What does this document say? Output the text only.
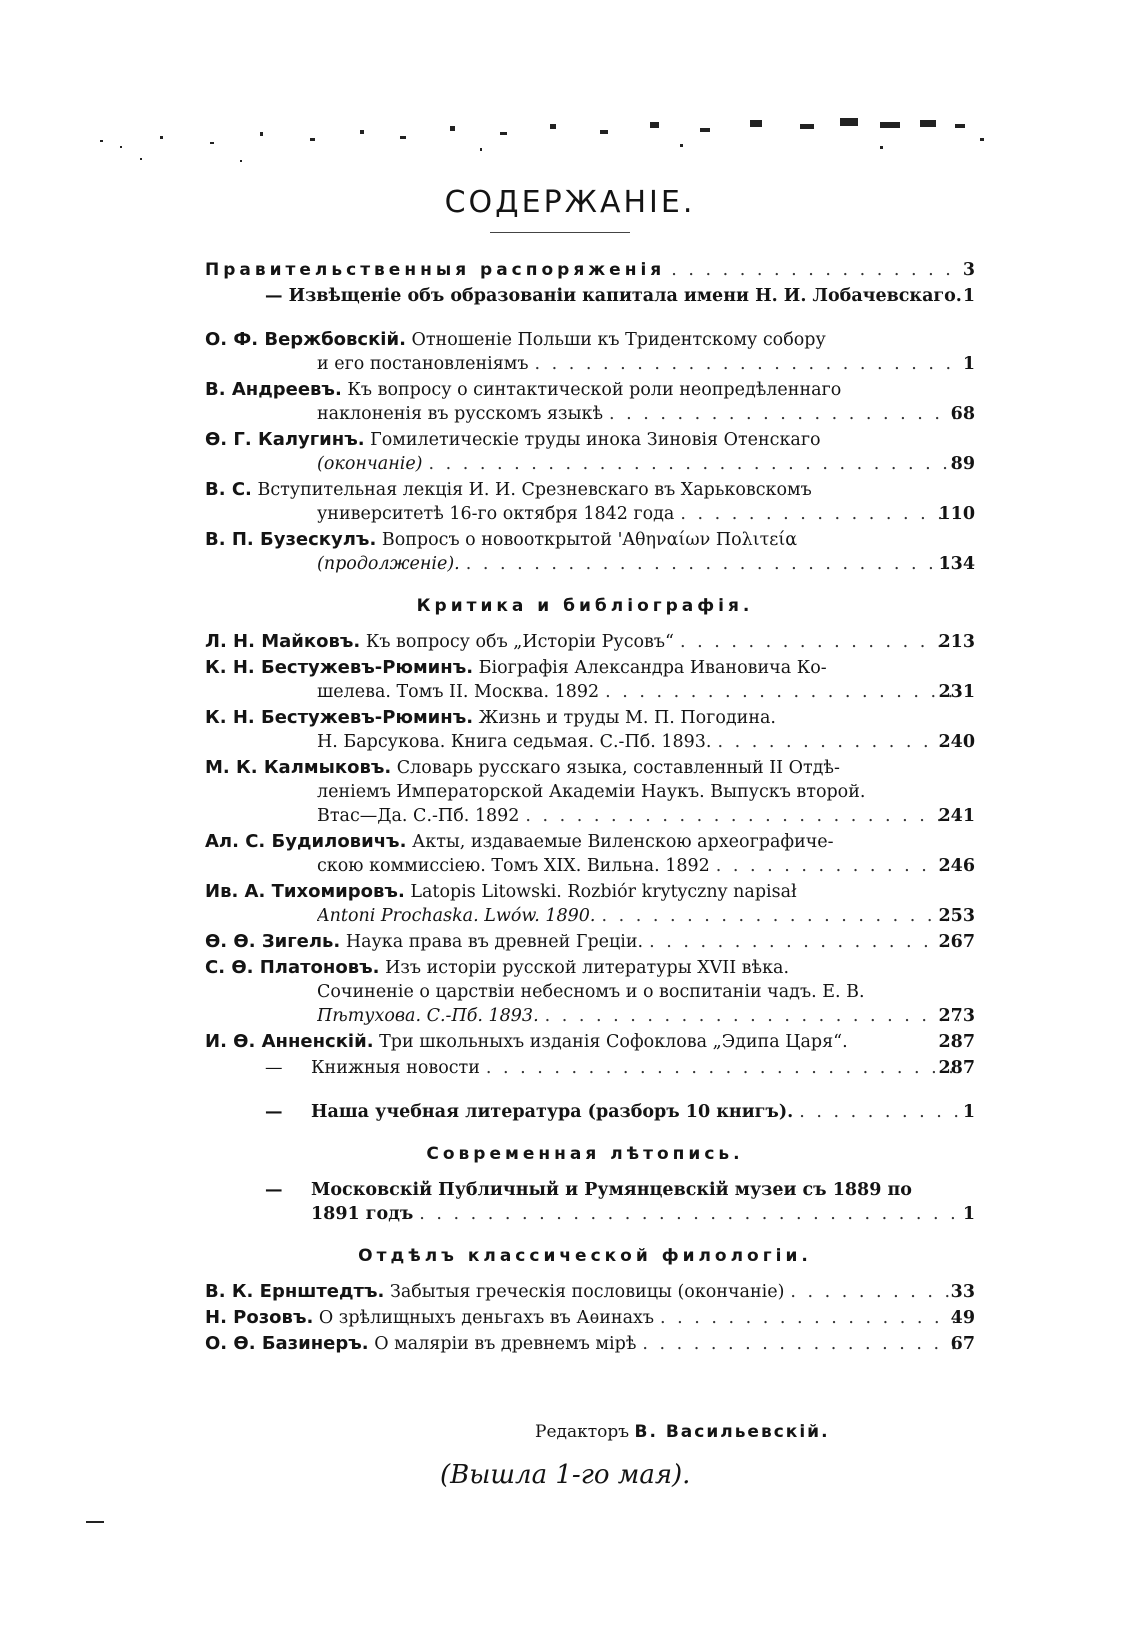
СОДЕРЖАНІЕ.
Правительственныя распоряженія . . .	3
— Извѣщеніе объ образованіи капитала имени Н. И. Лобачевскаго. 1
О. Ф. Вержбовскій. Отношеніе Польши къ Тридентскому собору
и его постановленіямъ . . .	1
В. Андреевъ. Къ вопросу о синтактической роли неопредѣленнаго
наклоненія въ русскомъ языкѣ . . .	68
Ѳ. Г. Калугинъ. Гомилетическіе труды инока Зиновія Отенскаго
(окончаніе) . . .	89
В. С. Вступительная лекція И. И. Срезневскаго въ Харьковскомъ
университетѣ 16-го октября 1842 года . . .	110
В. П. Бузескулъ. Вопросъ о новооткрытой 'Αθηναίων Πολιτεία
(продолженіе). . . .	134
Критика и библіографія.
Л. Н. Майковъ. Къ вопросу объ „Исторіи Русовъ“ . . .	213
К. Н. Бестужевъ-Рюминъ. Біографія Александра Ивановича Ко-
шелева. Томъ II. Москва. 1892 . . .	231
К. Н. Бестужевъ-Рюминъ. Жизнь и труды М. П. Погодина.
Н. Барсукова. Книга седьмая. С.-Пб. 1893. . . .	240
М. К. Калмыковъ. Словарь русскаго языка, составленный II Отдѣ-
леніемъ Императорской Академіи Наукъ. Выпускъ второй.
Втас—Да. С.-Пб. 1892 . . .	241
Ал. С. Будиловичъ. Акты, издаваемые Виленскою археографиче-
скою коммиссіею. Томъ XIX. Вильна. 1892 . . .	246
Ив. А. Тихомировъ. Latopis Litowski. Rozbiór krytyczny napisał
Antoni Prochaska. Lwów. 1890. . . .	253
Ѳ. Ѳ. Зигель. Наука права въ древней Греціи. . . .	267
С. Ѳ. Платоновъ. Изъ исторіи русской литературы XVII вѣка.
Сочиненіе о царствіи небесномъ и о воспитаніи чадъ. Е. В.
Пѣтухова. С.-Пб. 1893. . . .	273
И. Ѳ. Анненскій. Три школьныхъ изданія Софоклова „Эдипа Царя“.	287
— Книжныя новости . . .	287
— Наша учебная литература (разборъ 10 книгъ). . . .	1
Современная лѣтопись.
— Московскій Публичный и Румянцевскій музеи съ 1889 по
1891 годъ . . .	1
Отдѣлъ классической филологіи.
В. К. Ернштедтъ. Забытыя греческія пословицы (окончаніе) . . .	33
Н. Розовъ. О зрѣлищныхъ деньгахъ въ Аѳинахъ . . .	49
О. Ѳ. Базинеръ. О маляріи въ древнемъ мірѣ . . .	67
Редакторъ В. Васильевскій.
(Вышла 1-го мая).
